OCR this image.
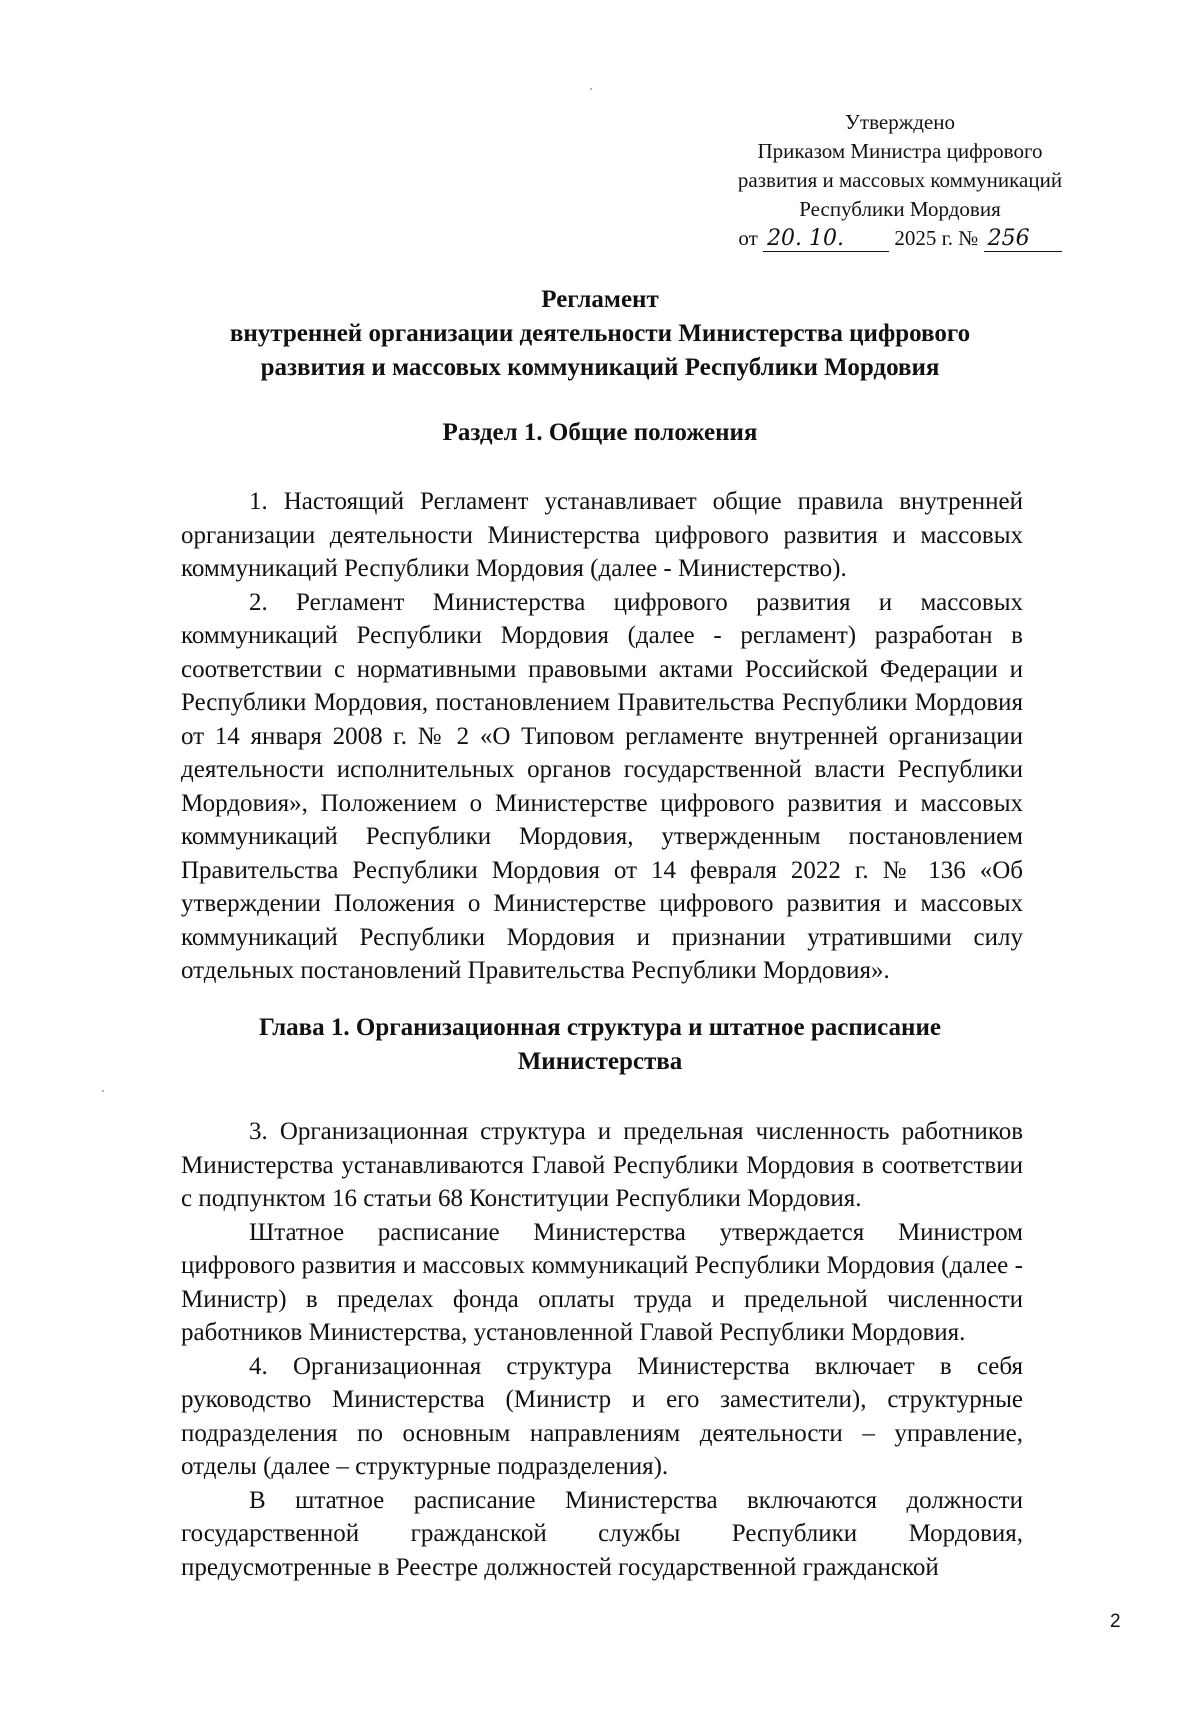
Утверждено
Приказом Министра цифрового
развития и массовых коммуникаций
Республики Мордовия
от 20. 10. 2025 г. № 256
Регламент
внутренней организации деятельности Министерства цифрового
развития и массовых коммуникаций Республики Мордовия
Раздел 1. Общие положения

1. Настоящий Регламент устанавливает общие правила внутренней организации деятельности Министерства цифрового развития и массовых коммуникаций Республики Мордовия (далее - Министерство).

2. Регламент Министерства цифрового развития и массовых коммуникаций Республики Мордовия (далее - регламент) разработан в соответствии с нормативными правовыми актами Российской Федерации и Республики Мордовия, постановлением Правительства Республики Мордовия от 14 января 2008 г. № 2 «О Типовом регламенте внутренней организации деятельности исполнительных органов государственной власти Республики Мордовия», Положением о Министерстве цифрового развития и массовых коммуникаций Республики Мордовия, утвержденным постановлением Правительства Республики Мордовия от 14 февраля 2022 г. № 136 «Об утверждении Положения о Министерстве цифрового развития и массовых коммуникаций Республики Мордовия и признании утратившими силу отдельных постановлений Правительства Республики Мордовия».

Глава 1. Организационная структура и штатное расписание
Министерства

3. Организационная структура и предельная численность работников Министерства устанавливаются Главой Республики Мордовия в соответствии с подпунктом 16 статьи 68 Конституции Республики Мордовия.

Штатное расписание Министерства утверждается Министром цифрового развития и массовых коммуникаций Республики Мордовия (далее - Министр) в пределах фонда оплаты труда и предельной численности работников Министерства, установленной Главой Республики Мордовия.

4. Организационная структура Министерства включает в себя руководство Министерства (Министр и его заместители), структурные подразделения по основным направлениям деятельности – управление, отделы (далее – структурные подразделения).

В штатное расписание Министерства включаются должности государственной гражданской службы Республики Мордовия, предусмотренные в Реестре должностей государственной гражданской

2
